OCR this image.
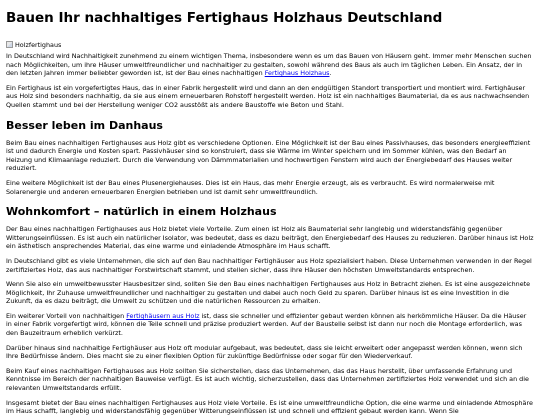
Bauen Ihr nachhaltiges Fertighaus Holzhaus Deutschland
Holzfertighaus

In Deutschland wird Nachhaltigkeit zunehmend zu einem wichtigen Thema, insbesondere wenn es um das Bauen von Häusern geht. Immer mehr Menschen suchen nach Möglichkeiten, um ihre Häuser umweltfreundlicher und nachhaltiger zu gestalten, sowohl während des Baus als auch im täglichen Leben. Ein Ansatz, der in den letzten Jahren immer beliebter geworden ist, ist der Bau eines nachhaltigen Fertighaus Holzhaus.

Ein Fertighaus ist ein vorgefertigtes Haus, das in einer Fabrik hergestellt wird und dann an den endgültigen Standort transportiert und montiert wird. Fertighäuser aus Holz sind besonders nachhaltig, da sie aus einem erneuerbaren Rohstoff hergestellt werden. Holz ist ein nachhaltiges Baumaterial, da es aus nachwachsenden Quellen stammt und bei der Herstellung weniger CO2 ausstößt als andere Baustoffe wie Beton und Stahl.

Besser leben im Danhaus

Beim Bau eines nachhaltigen Fertighauses aus Holz gibt es verschiedene Optionen. Eine Möglichkeit ist der Bau eines Passivhauses, das besonders energieeffizient ist und dadurch Energie und Kosten spart. Passivhäuser sind so konstruiert, dass sie Wärme im Winter speichern und im Sommer kühlen, was den Bedarf an Heizung und Klimaanlage reduziert. Durch die Verwendung von Dämmmaterialien und hochwertigen Fenstern wird auch der Energiebedarf des Hauses weiter reduziert.

Eine weitere Möglichkeit ist der Bau eines Plusenergiehauses. Dies ist ein Haus, das mehr Energie erzeugt, als es verbraucht. Es wird normalerweise mit Solarenergie und anderen erneuerbaren Energien betrieben und ist damit sehr umweltfreundlich.

Wohnkomfort – natürlich in einem Holzhaus

Der Bau eines nachhaltigen Fertighauses aus Holz bietet viele Vorteile. Zum einen ist Holz als Baumaterial sehr langlebig und widerstandsfähig gegenüber Witterungseinflüssen. Es ist auch ein natürlicher Isolator, was bedeutet, dass es dazu beiträgt, den Energiebedarf des Hauses zu reduzieren. Darüber hinaus ist Holz ein ästhetisch ansprechendes Material, das eine warme und einladende Atmosphäre im Haus schafft.

In Deutschland gibt es viele Unternehmen, die sich auf den Bau nachhaltiger Fertighäuser aus Holz spezialisiert haben. Diese Unternehmen verwenden in der Regel zertifiziertes Holz, das aus nachhaltiger Forstwirtschaft stammt, und stellen sicher, dass ihre Häuser den höchsten Umweltstandards entsprechen.

Wenn Sie also ein umweltbewusster Hausbesitzer sind, sollten Sie den Bau eines nachhaltigen Fertighauses aus Holz in Betracht ziehen. Es ist eine ausgezeichnete Möglichkeit, Ihr Zuhause umweltfreundlicher und nachhaltiger zu gestalten und dabei auch noch Geld zu sparen. Darüber hinaus ist es eine Investition in die Zukunft, da es dazu beiträgt, die Umwelt zu schützen und die natürlichen Ressourcen zu erhalten.

Ein weiterer Vorteil von nachhaltigen Fertighäusern aus Holz ist, dass sie schneller und effizienter gebaut werden können als herkömmliche Häuser. Da die Häuser in einer Fabrik vorgefertigt wird, können die Teile schnell und präzise produziert werden. Auf der Baustelle selbst ist dann nur noch die Montage erforderlich, was den Bauzeitraum erheblich verkürzt.

Darüber hinaus sind nachhaltige Fertighäuser aus Holz oft modular aufgebaut, was bedeutet, dass sie leicht erweitert oder angepasst werden können, wenn sich Ihre Bedürfnisse ändern. Dies macht sie zu einer flexiblen Option für zukünftige Bedürfnisse oder sogar für den Wiederverkauf.

Beim Kauf eines nachhaltigen Fertighauses aus Holz sollten Sie sicherstellen, dass das Unternehmen, das das Haus herstellt, über umfassende Erfahrung und Kenntnisse im Bereich der nachhaltigen Bauweise verfügt. Es ist auch wichtig, sicherzustellen, dass das Unternehmen zertifiziertes Holz verwendet und sich an die relevanten Umweltstandards erfüllt.

Insgesamt bietet der Bau eines nachhaltigen Fertighauses aus Holz viele Vorteile. Es ist eine umweltfreundliche Option, die eine warme und einladende Atmosphäre im Haus schafft, langlebig und widerstandsfähig gegenüber Witterungseinflüssen ist und schnell und effizient gebaut werden kann. Wenn Sie
